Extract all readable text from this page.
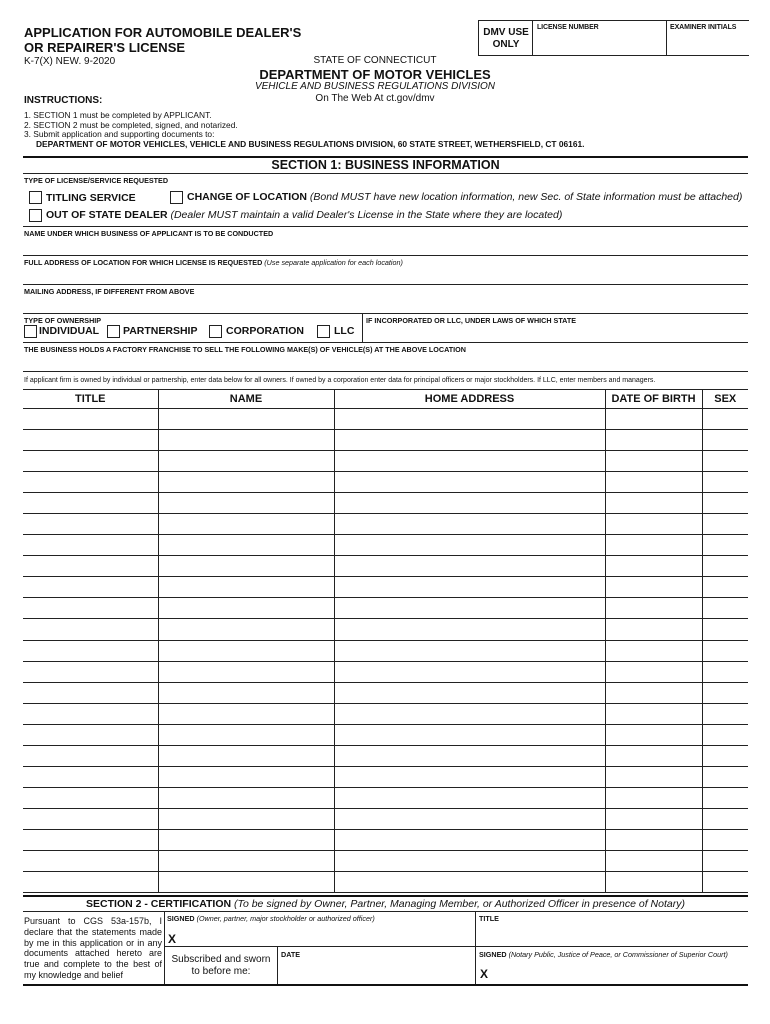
APPLICATION FOR AUTOMOBILE DEALER'S
OR REPAIRER'S LICENSE
K-7(X) NEW. 9-2020
DMV USE
ONLY
LICENSE NUMBER	EXAMINER INITIALS
STATE OF CONNECTICUT
DEPARTMENT OF MOTOR VEHICLES
VEHICLE AND BUSINESS REGULATIONS DIVISION
On The Web At ct.gov/dmv
INSTRUCTIONS:
1. SECTION 1 must be completed by APPLICANT.
2. SECTION 2 must be completed, signed, and notarized.
3. Submit application and supporting documents to:
DEPARTMENT OF MOTOR VEHICLES, VEHICLE AND BUSINESS REGULATIONS DIVISION, 60 STATE STREET, WETHERSFIELD, CT 06161.
SECTION 1: BUSINESS INFORMATION
TYPE OF LICENSE/SERVICE REQUESTED
TITLING SERVICE	CHANGE OF LOCATION (Bond MUST have new location information, new Sec. of State information must be attached)
OUT OF STATE DEALER (Dealer MUST maintain a valid Dealer's License in the State where they are located)
NAME UNDER WHICH BUSINESS OF APPLICANT IS TO BE CONDUCTED
FULL ADDRESS OF LOCATION FOR WHICH LICENSE IS REQUESTED (Use separate application for each location)
MAILING ADDRESS, IF DIFFERENT FROM ABOVE
TYPE OF OWNERSHIP
INDIVIDUAL PARTNERSHIP	CORPORATION	LLC
IF INCORPORATED OR LLC, UNDER LAWS OF WHICH STATE
THE BUSINESS HOLDS A FACTORY FRANCHISE TO SELL THE FOLLOWING MAKE(S) OF VEHICLE(S) AT THE ABOVE LOCATION
If applicant firm is owned by individual or partnership, enter data below for all owners. If owned by a corporation enter data for principal officers or major stockholders. If LLC, enter members and managers.
TITLE	NAME	HOME ADDRESS	DATE OF BIRTH	SEX

SECTION 2 - CERTIFICATION (To be signed by Owner, Partner, Managing Member, or Authorized Officer in presence of Notary)
Pursuant to CGS 53a-157b, I declare that the statements made by me in this application or in any documents attached hereto are true and complete to the best of my knowledge and belief
SIGNED (Owner, partner, major stockholder or authorized officer)
X
TITLE
Subscribed and sworn
to before me:
DATE	SIGNED (Notary Public, Justice of Peace, or Commissioner of Superior Court)
X
